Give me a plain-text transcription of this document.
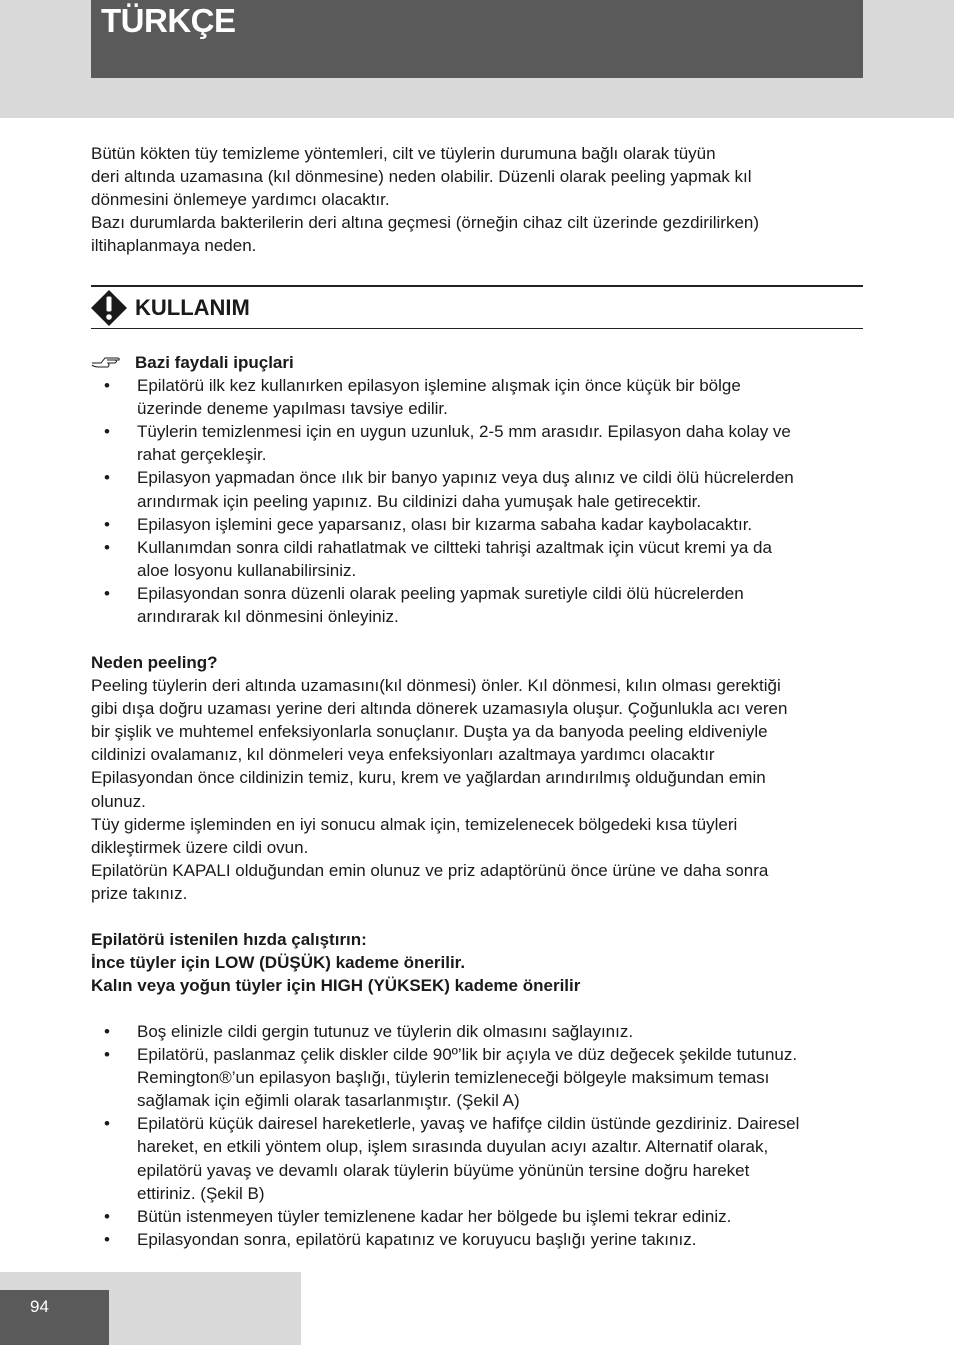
TÜRKÇE
Bütün kökten tüy temizleme yöntemleri, cilt ve tüylerin durumuna bağlı olarak tüyün
deri altında uzamasına (kıl dönmesine) neden olabilir. Düzenli olarak peeling yapmak kıl
dönmesini önlemeye yardımcı olacaktır.
Bazı durumlarda bakterilerin deri altına geçmesi (örneğin cihaz cilt üzerinde gezdirilirken)
iltihaplanmaya neden.
KULLANIM
Bazi faydali ipuçlari
• Epilatörü ilk kez kullanırken epilasyon işlemine alışmak için önce küçük bir bölge
üzerinde deneme yapılması tavsiye edilir.
• Tüylerin temizlenmesi için en uygun uzunluk, 2-5 mm arasıdır. Epilasyon daha kolay ve
rahat gerçekleşir.
• Epilasyon yapmadan önce ılık bir banyo yapınız veya duş alınız ve cildi ölü hücrelerden
arındırmak için peeling yapınız. Bu cildinizi daha yumuşak hale getirecektir.
• Epilasyon işlemini gece yaparsanız, olası bir kızarma sabaha kadar kaybolacaktır.
• Kullanımdan sonra cildi rahatlatmak ve ciltteki tahrişi azaltmak için vücut kremi ya da
aloe losyonu kullanabilirsiniz.
• Epilasyondan sonra düzenli olarak peeling yapmak suretiyle cildi ölü hücrelerden
arındırarak kıl dönmesini önleyiniz.
Neden peeling?
Peeling tüylerin deri altında uzamasını(kıl dönmesi) önler. Kıl dönmesi, kılın olması gerektiği
gibi dışa doğru uzaması yerine deri altında dönerek uzamasıyla oluşur. Çoğunlukla acı veren
bir şişlik ve muhtemel enfeksiyonlarla sonuçlanır. Duşta ya da banyoda peeling eldiveniyle
cildinizi ovalamanız, kıl dönmeleri veya enfeksiyonları azaltmaya yardımcı olacaktır
Epilasyondan önce cildinizin temiz, kuru, krem ve yağlardan arındırılmış olduğundan emin
olunuz.
Tüy giderme işleminden en iyi sonucu almak için, temizelenecek bölgedeki kısa tüyleri
dikleştirmek üzere cildi ovun.
Epilatörün KAPALI olduğundan emin olunuz ve priz adaptörünü önce ürüne ve daha sonra
prize takınız.
Epilatörü istenilen hızda çalıştırın:
İnce tüyler için LOW (DÜŞÜK) kademe önerilir.
Kalın veya yoğun tüyler için HIGH (YÜKSEK) kademe önerilir
• Boş elinizle cildi gergin tutunuz ve tüylerin dik olmasını sağlayınız.
• Epilatörü, paslanmaz çelik diskler cilde 90º’lik bir açıyla ve düz değecek şekilde tutunuz.
Remington®’un epilasyon başlığı, tüylerin temizleneceği bölgeyle maksimum teması
sağlamak için eğimli olarak tasarlanmıştır. (Şekil A)
• Epilatörü küçük dairesel hareketlerle, yavaş ve hafifçe cildin üstünde gezdiriniz. Dairesel
hareket, en etkili yöntem olup, işlem sırasında duyulan acıyı azaltır. Alternatif olarak,
epilatörü yavaş ve devamlı olarak tüylerin büyüme yönünün tersine doğru hareket
ettiriniz. (Şekil B)
• Bütün istenmeyen tüyler temizlenene kadar her bölgede bu işlemi tekrar ediniz.
• Epilasyondan sonra, epilatörü kapatınız ve koruyucu başlığı yerine takınız.
94
